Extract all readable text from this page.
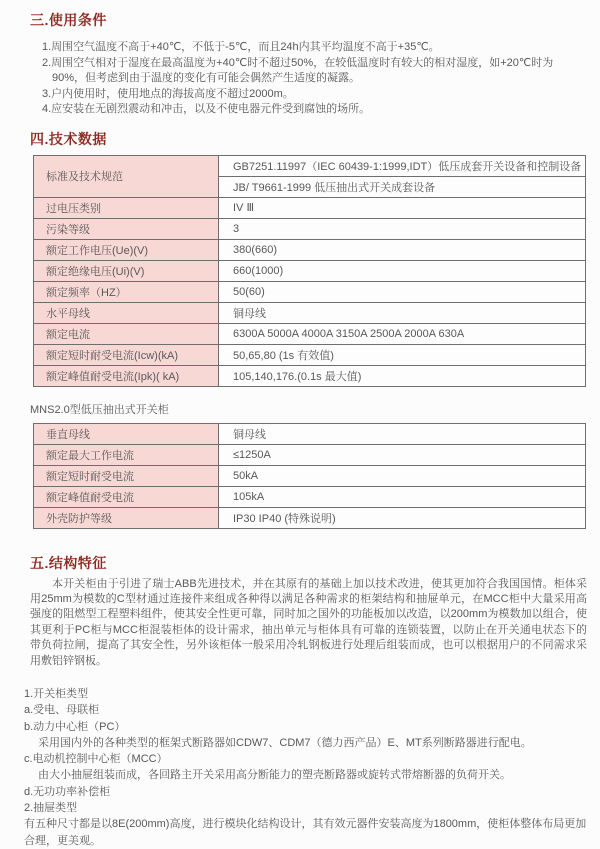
三.使用条件

1.周围空气温度不高于+40℃，不低于-5℃，而且24h内其平均温度不高于+35℃。

2.周围空气相对于湿度在最高温度为+40℃时不超过50%，在较低温度时有较大的相对湿度，如+20℃时为90%，但考虑到由于温度的变化有可能会偶然产生适度的凝露。

3.户内使用时，使用地点的海拔高度不超过2000m。

4.应安装在无剧烈震动和冲击，以及不使电器元件受到腐蚀的场所。

四.技术数据
标准及技术规范	GB7251.11997（IEC 60439-1:1999,IDT）低压成套开关设备和控制设备
	JB/ T9661-1999 低压抽出式开关成套设备
过电压类别	IV Ⅲ
污染等级	3
额定工作电压(Ue)(V)	380(660)
额定绝缘电压(Ui)(V)	660(1000)
额定频率（HZ）	50(60)
水平母线	铜母线
额定电流	6300A 5000A 4000A 3150A 2500A 2000A 630A
额定短时耐受电流(Icw)(kA)	50,65,80 (1s 有效值)
额定峰值耐受电流(Ipk)( kA)	105,140,176.(0.1s 最大值)

MNS2.0型低压抽出式开关柜

垂直母线	铜母线
额定最大工作电流	≤1250A
额定短时耐受电流	50kA
额定峰值耐受电流	105kA
外壳防护等级	IP30 IP40 (特殊说明)
五.结构特征

本开关柜由于引进了瑞士ABB先进技术，并在其原有的基础上加以技术改进，使其更加符合我国国情。柜体采用25mm为模数的C型材通过连接件来组成各种得以满足各种需求的柜架结构和抽屉单元，在MCC柜中大量采用高强度的阻燃型工程塑料组件，使其安全性更可靠，同时加之国外的功能板加以改造，以200mm为模数加以组合，使其更利于PC柜与MCC柜混装柜体的设计需求，抽出单元与柜体具有可靠的连锁装置，以防止在开关通电状态下的带负荷拉闸，提高了其安全性，另外该柜体一般采用冷轧钢板进行处理后组装而成，也可以根据用户的不同需求采用敷铝锌钢板。

1.开关柜类型

a.受电、母联柜

b.动力中心柜（PC）

采用国内外的各种类型的框架式断路器如CDW7、CDM7（德力西产品）E、MT系列断路器进行配电。

c.电动机控制中心柜（MCC）

由大小抽屉组装而成，各回路主开关采用高分断能力的塑壳断路器或旋转式带熔断器的负荷开关。

d.无功功率补偿柜

2.抽屉类型

有五种尺寸都是以8E(200mm)高度，进行模块化结构设计，其有效元器件安装高度为1800mm，使柜体整体布局更加合理，更美观。
